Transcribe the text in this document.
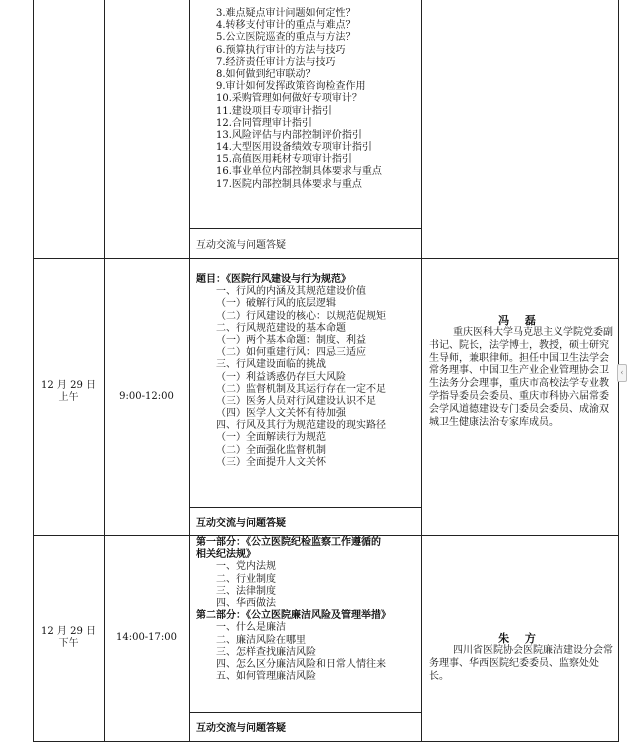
3.难点疑点审计问题如何定性？
4.转移支付审计的重点与难点？
5.公立医院巡查的重点与方法？
6.预算执行审计的方法与技巧
7.经济责任审计方法与技巧
8.如何做到纪审联动？
9.审计如何发挥政策咨询检查作用
10.采购管理如何做好专项审计？
11.建设项目专项审计指引
12.合同管理审计指引
13.风险评估与内部控制评价指引
14.大型医用设备绩效专项审计指引
15.高值医用耗材专项审计指引
16.事业单位内部控制具体要求与重点
17.医院内部控制具体要求与重点
互动交流与问题答疑
12 月 29 日
上午	9:00-12:00
题目：《医院行风建设与行为规范》
一、行风的内涵及其规范建设价值
（一）破解行风的底层逻辑
（二）行风建设的核心：以规范促规矩
二、行风规范建设的基本命题
（一）两个基本命题：制度、利益
（二）如何重建行风：四忌三适应
三、行风建设面临的挑战
（一）利益诱惑仍存巨大风险
（二）监督机制及其运行存在一定不足
（三）医务人员对行风建设认识不足
（四）医学人文关怀有待加强
四、行风及其行为规范建设的现实路径
（一）全面解读行为规范
（二）全面强化监督机制
（三）全面提升人文关怀
互动交流与问题答疑
冯 磊
重庆医科大学马克思主义学院党委副书记、院长，法学博士，教授，硕士研究生导师，兼职律师。担任中国卫生法学会常务理事、中国卫生产业企业管理协会卫生法务分会理事，重庆市高校法学专业教学指导委员会委员、重庆市科协六届常委会学风道德建设专门委员会委员、成渝双城卫生健康法治专家库成员。
12 月 29 日
下午
14:00-17:00
第一部分：《公立医院纪检监察工作遵循的
相关纪法规》
一、党内法规
二、行业制度
三、法律制度
四、华西做法
第二部分：《公立医院廉洁风险及管理举措》
一、什么是廉洁
二、廉洁风险在哪里
三、怎样查找廉洁风险
四、怎么区分廉洁风险和日常人情往来
五、如何管理廉洁风险
互动交流与问题答疑
朱 方
四川省医院协会医院廉洁建设分会常务理事、华西医院纪委委员、监察处处长。
‹
